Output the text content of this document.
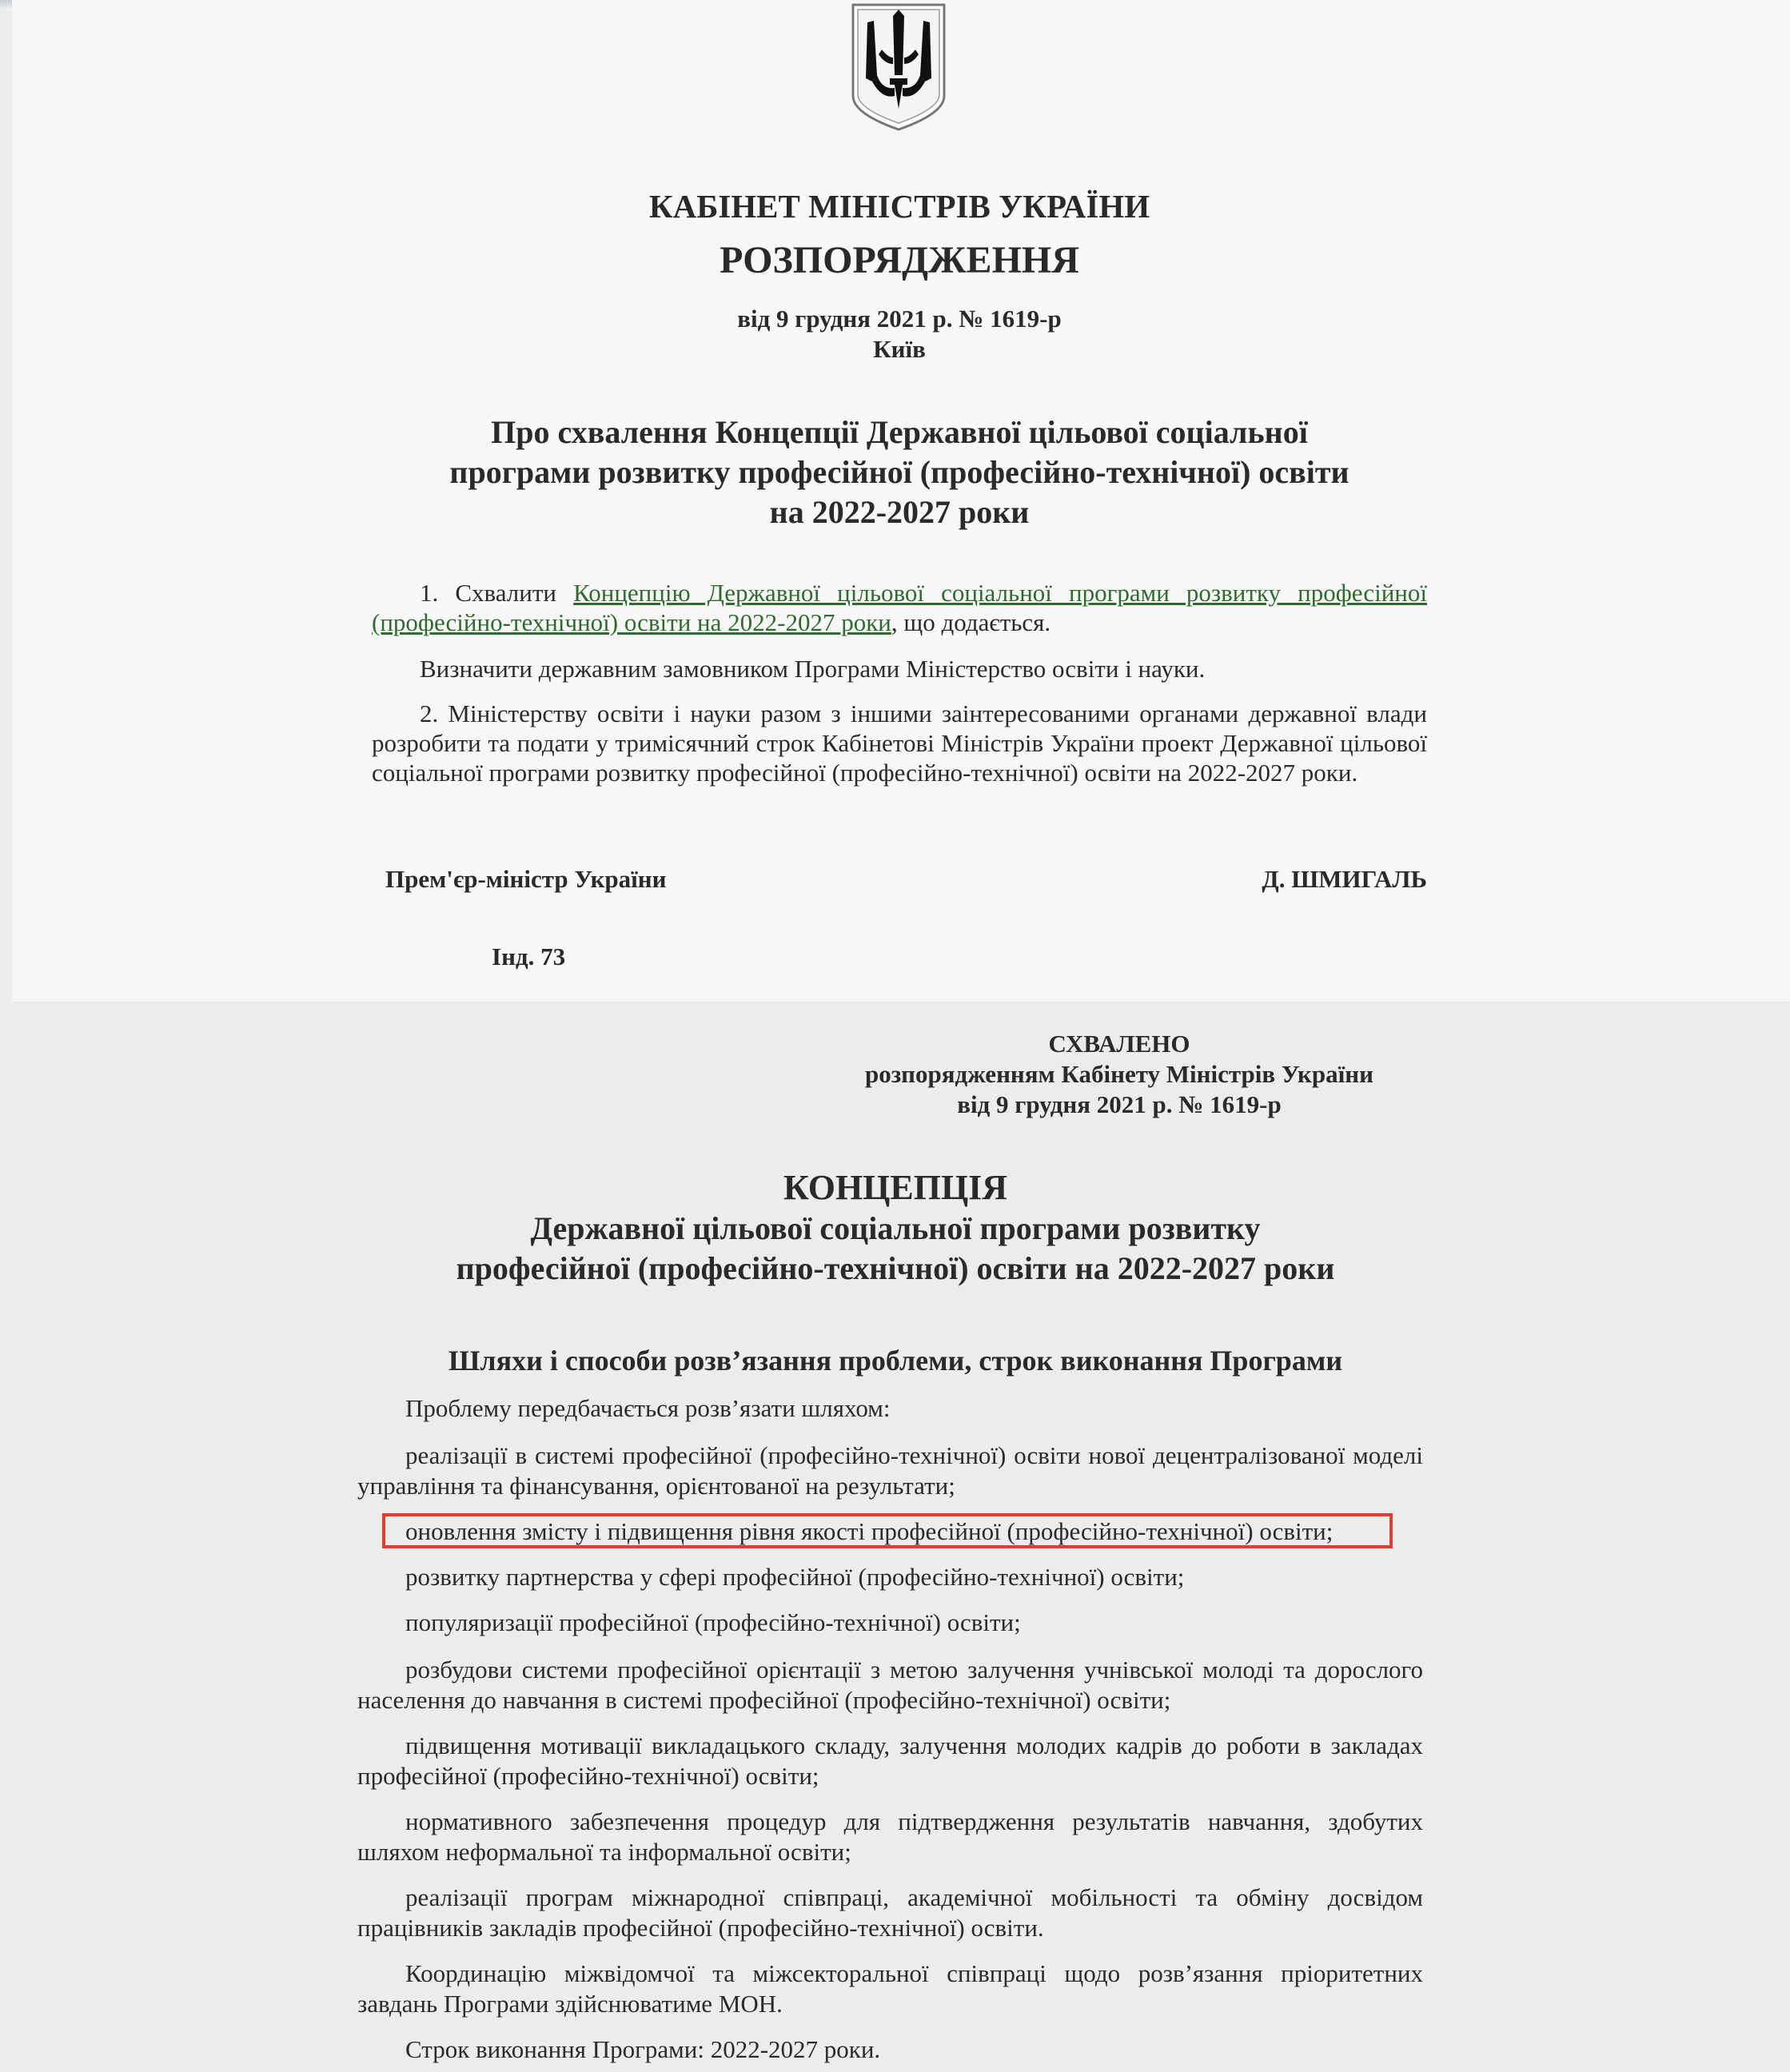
КАБІНЕТ МІНІСТРІВ УКРАЇНИ
РОЗПОРЯДЖЕННЯ
від 9 грудня 2021 р. № 1619-р
Київ
Про схвалення Концепції Державної цільової соціальної
програми розвитку професійної (професійно-технічної) освіти
на 2022-2027 роки
1. Схвалити Концепцію Державної цільової соціальної програми розвитку професійної (професійно-технічної) освіти на 2022-2027 роки, що додається.
Визначити державним замовником Програми Міністерство освіти і науки.
2. Міністерству освіти і науки разом з іншими заінтересованими органами державної влади розробити та подати у тримісячний строк Кабінетові Міністрів України проект Державної цільової соціальної програми розвитку професійної (професійно-технічної) освіти на 2022-2027 роки.
Прем'єр-міністр України	Д. ШМИГАЛЬ
Інд. 73
СХВАЛЕНО
розпорядженням Кабінету Міністрів України
від 9 грудня 2021 р. № 1619-р
КОНЦЕПЦІЯ
Державної цільової соціальної програми розвитку
професійної (професійно-технічної) освіти на 2022-2027 роки
Шляхи і способи розв’язання проблеми, строк виконання Програми
Проблему передбачається розв’язати шляхом:
реалізації в системі професійної (професійно-технічної) освіти нової децентралізованої моделі управління та фінансування, орієнтованої на результати;
оновлення змісту і підвищення рівня якості професійної (професійно-технічної) освіти;
розвитку партнерства у сфері професійної (професійно-технічної) освіти;
популяризації професійної (професійно-технічної) освіти;
розбудови системи професійної орієнтації з метою залучення учнівської молоді та дорослого населення до навчання в системі професійної (професійно-технічної) освіти;
підвищення мотивації викладацького складу, залучення молодих кадрів до роботи в закладах професійної (професійно-технічної) освіти;
нормативного забезпечення процедур для підтвердження результатів навчання, здобутих шляхом неформальної та інформальної освіти;
реалізації програм міжнародної співпраці, академічної мобільності та обміну досвідом працівників закладів професійної (професійно-технічної) освіти.
Координацію міжвідомчої та міжсекторальної співпраці щодо розв’язання пріоритетних завдань Програми здійснюватиме МОН.
Строк виконання Програми: 2022-2027 роки.
